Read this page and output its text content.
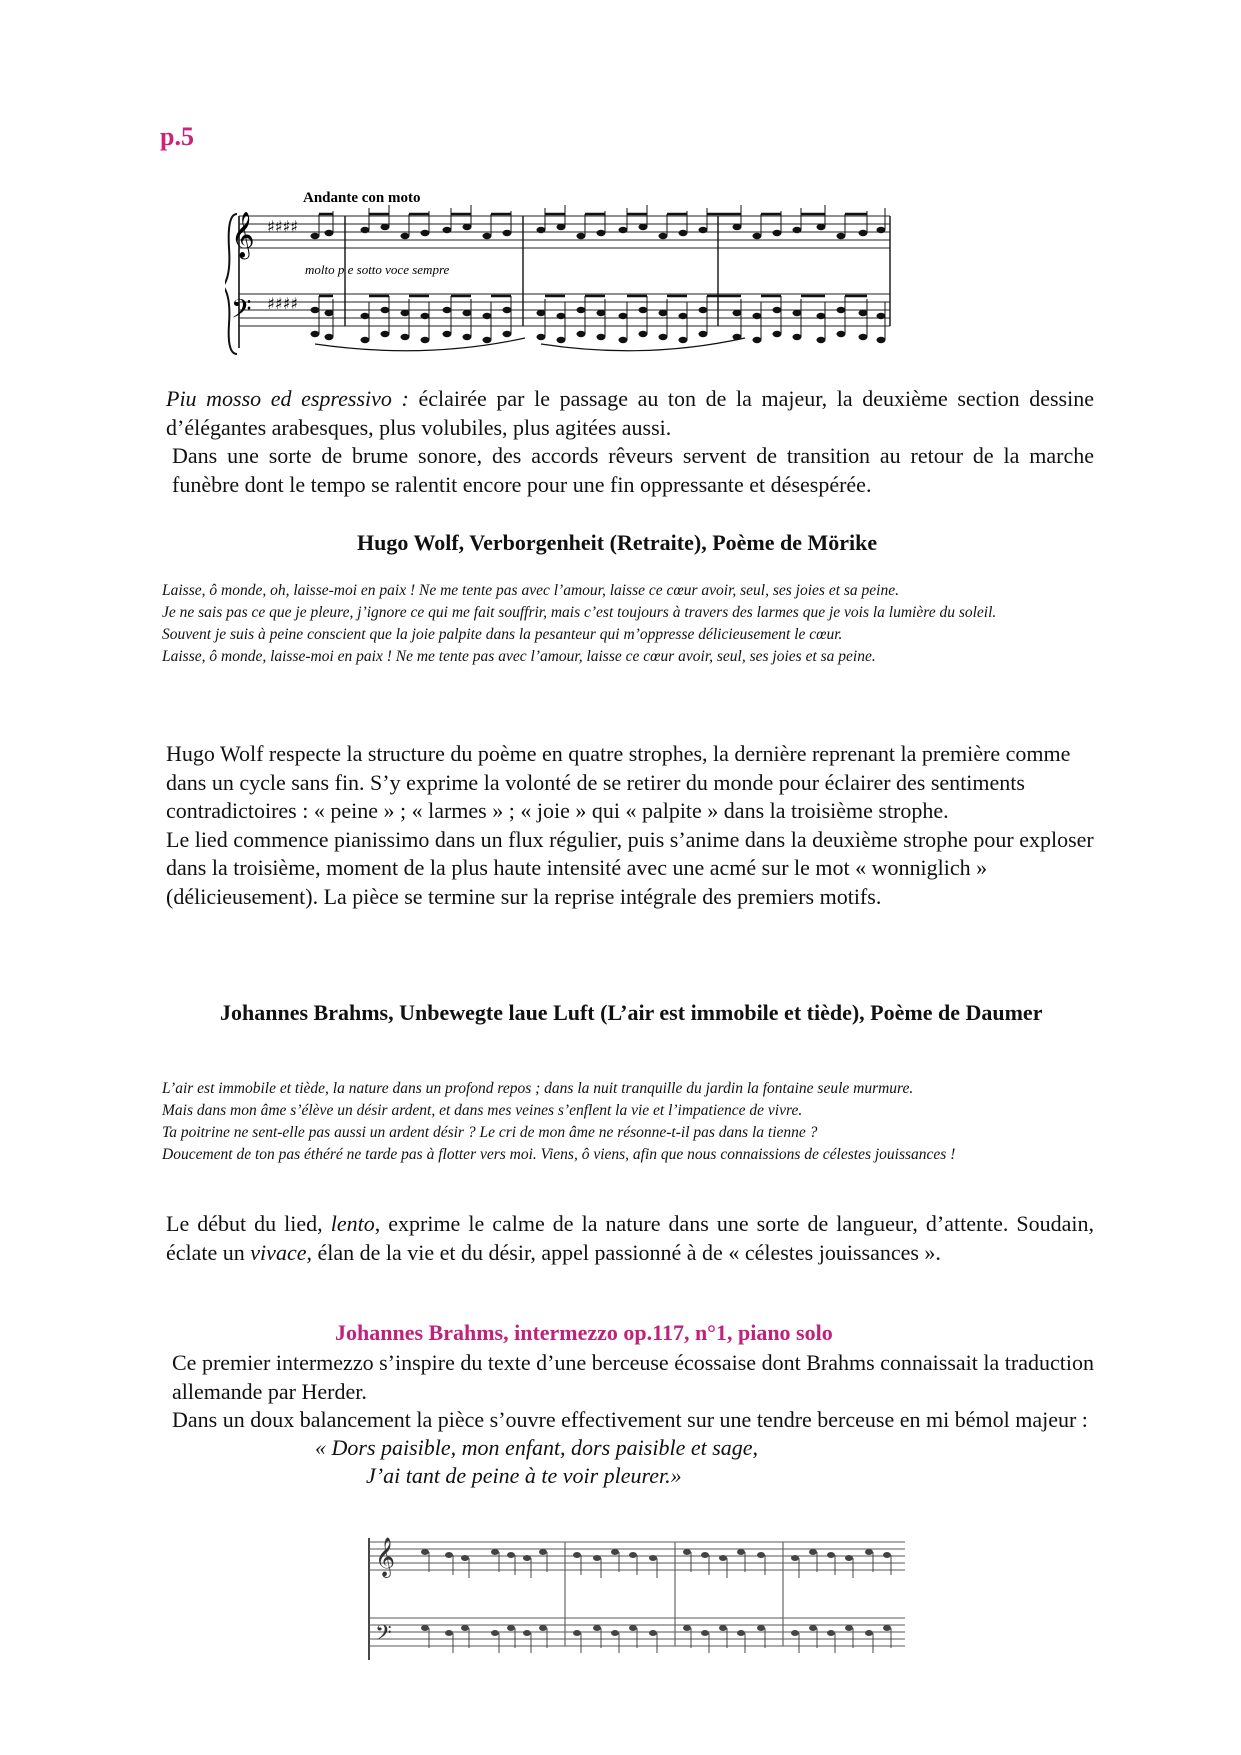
p.5
Andante con moto
𝄞
𝄢
♯♯♯♯
♯♯♯♯
molto p e sotto voce sempre

Piu mosso ed espressivo : éclairée par le passage au ton de la majeur, la deuxième section dessine d’élégantes arabesques, plus volubiles, plus agitées aussi.

Dans une sorte de brume sonore, des accords rêveurs servent de transition au retour de la marche funèbre dont le tempo se ralentit encore pour une fin oppressante et désespérée.

Hugo Wolf, Verborgenheit (Retraite), Poème de Mörike

Laisse, ô monde, oh, laisse-moi en paix ! Ne me tente pas avec l’amour, laisse ce cœur avoir, seul, ses joies et sa peine.

Je ne sais pas ce que je pleure, j’ignore ce qui me fait souffrir, mais c’est toujours à travers des larmes que je vois la lumière du soleil.

Souvent je suis à peine conscient que la joie palpite dans la pesanteur qui m’oppresse délicieusement le cœur.

Laisse, ô monde, laisse-moi en paix ! Ne me tente pas avec l’amour, laisse ce cœur avoir, seul, ses joies et sa peine.

Hugo Wolf respecte la structure du poème en quatre strophes, la dernière reprenant la première comme dans un cycle sans fin. S’y exprime la volonté de se retirer du monde pour éclairer des sentiments contradictoires : « peine » ; « larmes » ; « joie » qui « palpite » dans la troisième strophe.

Le lied commence pianissimo dans un flux régulier, puis s’anime dans la deuxième strophe pour exploser dans la troisième, moment de la plus haute intensité avec une acmé sur le mot « wonniglich » (délicieusement). La pièce se termine sur la reprise intégrale des premiers motifs.

Johannes Brahms, Unbewegte laue Luft (L’air est immobile et tiède), Poème de Daumer

L’air est immobile et tiède, la nature dans un profond repos ; dans la nuit tranquille du jardin la fontaine seule murmure.

Mais dans mon âme s’élève un désir ardent, et dans mes veines s’enflent la vie et l’impatience de vivre.

Ta poitrine ne sent-elle pas aussi un ardent désir ? Le cri de mon âme ne résonne-t-il pas dans la tienne ?

Doucement de ton pas éthéré ne tarde pas à flotter vers moi. Viens, ô viens, afin que nous connaissions de célestes jouissances !

Le début du lied, lento, exprime le calme de la nature dans une sorte de langueur, d’attente. Soudain, éclate un vivace, élan de la vie et du désir, appel passionné à de « célestes jouissances ».

Johannes Brahms, intermezzo op.117, n°1, piano solo

Ce premier intermezzo s’inspire du texte d’une berceuse écossaise dont Brahms connaissait la traduction allemande par Herder.

Dans un doux balancement la pièce s’ouvre effectivement sur une tendre berceuse en mi bémol majeur :

« Dors paisible, mon enfant, dors paisible et sage,
J’ai tant de peine à te voir pleurer.»
𝄞
𝄢
